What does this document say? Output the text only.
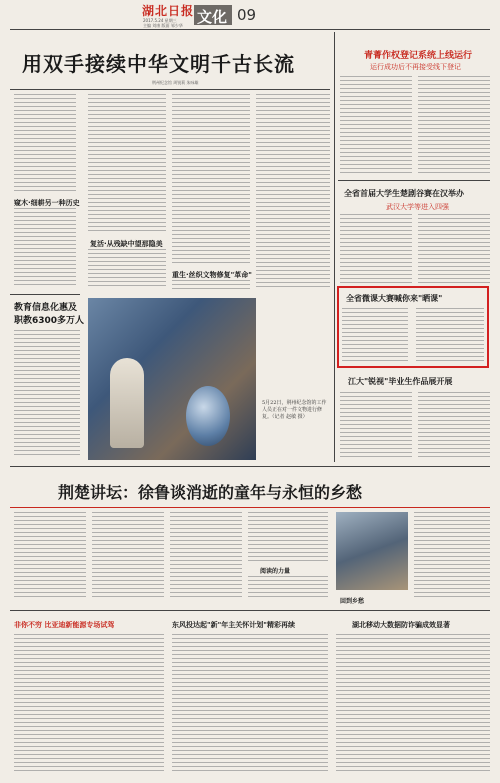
湖北日报
2017.5.24 星期三
主编 刘康 版面 邹少华 文化 09
用双手接续中华文明千古长流
荆州纪念馆 周锐莉 朱咏雄
窥木·细耕另一种历史
复活·从残缺中望那隐美
重生·丝织文物修复"革命"
教育信息化惠及
职教6300多万人
5月22日，荆州纪念馆的工作人员正在对一件文物进行修复。（记者 赵敏 摄）
青菁作权登记系统上线运行
运行成功后不再接受线下登记
全省首届大学生楚剧谷赛在汉举办
武汉大学等进入四强
全省微课大赛喊你来"晒课"
江大"锐视"毕业生作品展开展
荆楚讲坛：徐鲁谈消逝的童年与永恒的乡愁
阅读的力量
回到乡愁
非你不穷 比亚迪新能源专场试驾	东风投达起"新"年主关怀计划"精彩再续	湖北移动大数据防诈骗成效显著
